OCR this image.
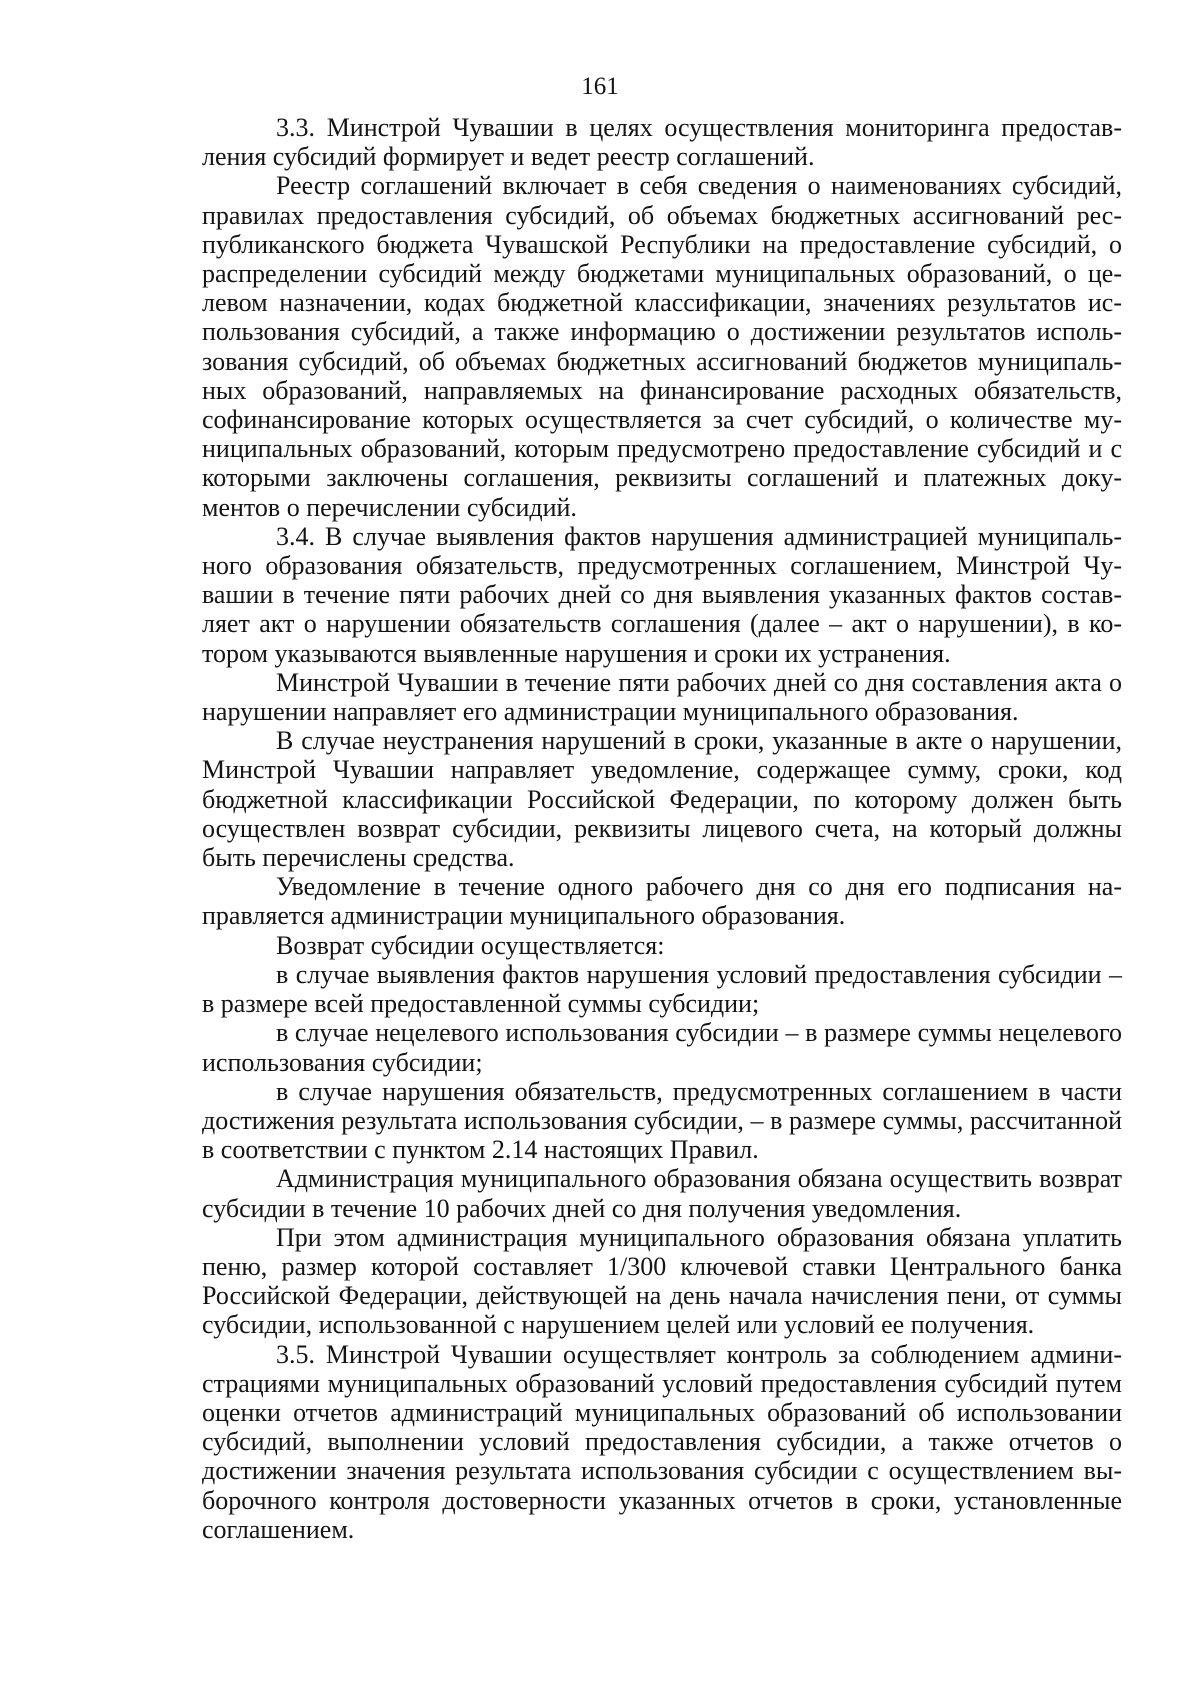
161

3.3. Минстрой Чувашии в целях осуществления мониторинга предоставления субсидий формирует и ведет реестр соглашений.

Реестр соглашений включает в себя сведения о наименованиях субсидий, правилах предоставления субсидий, об объемах бюджетных ассигнований республиканского бюджета Чувашской Республики на предоставление субсидий, о распределении субсидий между бюджетами муниципальных образований, о целевом назначении, кодах бюджетной классификации, значениях результатов использования субсидий, а также информацию о достижении результатов использования субсидий, об объемах бюджетных ассигнований бюджетов муниципальных образований, направляемых на финансирование расходных обязательств, софинансирование которых осуществляется за счет субсидий, о количестве муниципальных образований, которым предусмотрено предоставление субсидий и с которыми заключены соглашения, реквизиты соглашений и платежных документов о перечислении субсидий.

3.4. В случае выявления фактов нарушения администрацией муниципального образования обязательств, предусмотренных соглашением, Минстрой Чувашии в течение пяти рабочих дней со дня выявления указанных фактов составляет акт о нарушении обязательств соглашения (далее – акт о нарушении), в котором указываются выявленные нарушения и сроки их устранения.

Минстрой Чувашии в течение пяти рабочих дней со дня составления акта о нарушении направляет его администрации муниципального образования.

В случае неустранения нарушений в сроки, указанные в акте о нарушении, Минстрой Чувашии направляет уведомление, содержащее сумму, сроки, код бюджетной классификации Российской Федерации, по которому должен быть осуществлен возврат субсидии, реквизиты лицевого счета, на который должны быть перечислены средства.

Уведомление в течение одного рабочего дня со дня его подписания направляется администрации муниципального образования.

Возврат субсидии осуществляется:

в случае выявления фактов нарушения условий предоставления субсидии – в размере всей предоставленной суммы субсидии;

в случае нецелевого использования субсидии – в размере суммы нецелевого использования субсидии;

в случае нарушения обязательств, предусмотренных соглашением в части достижения результата использования субсидии, – в размере суммы, рассчитанной в соответствии с пунктом 2.14 настоящих Правил.

Администрация муниципального образования обязана осуществить возврат субсидии в течение 10 рабочих дней со дня получения уведомления.

При этом администрация муниципального образования обязана уплатить пеню, размер которой составляет 1/300 ключевой ставки Центрального банка Российской Федерации, действующей на день начала начисления пени, от суммы субсидии, использованной с нарушением целей или условий ее получения.

3.5. Минстрой Чувашии осуществляет контроль за соблюдением администрациями муниципальных образований условий предоставления субсидий путем оценки отчетов администраций муниципальных образований об использовании субсидий, выполнении условий предоставления субсидии, а также отчетов о достижении значения результата использования субсидии с осуществлением выборочного контроля достоверности указанных отчетов в сроки, установленные соглашением.
